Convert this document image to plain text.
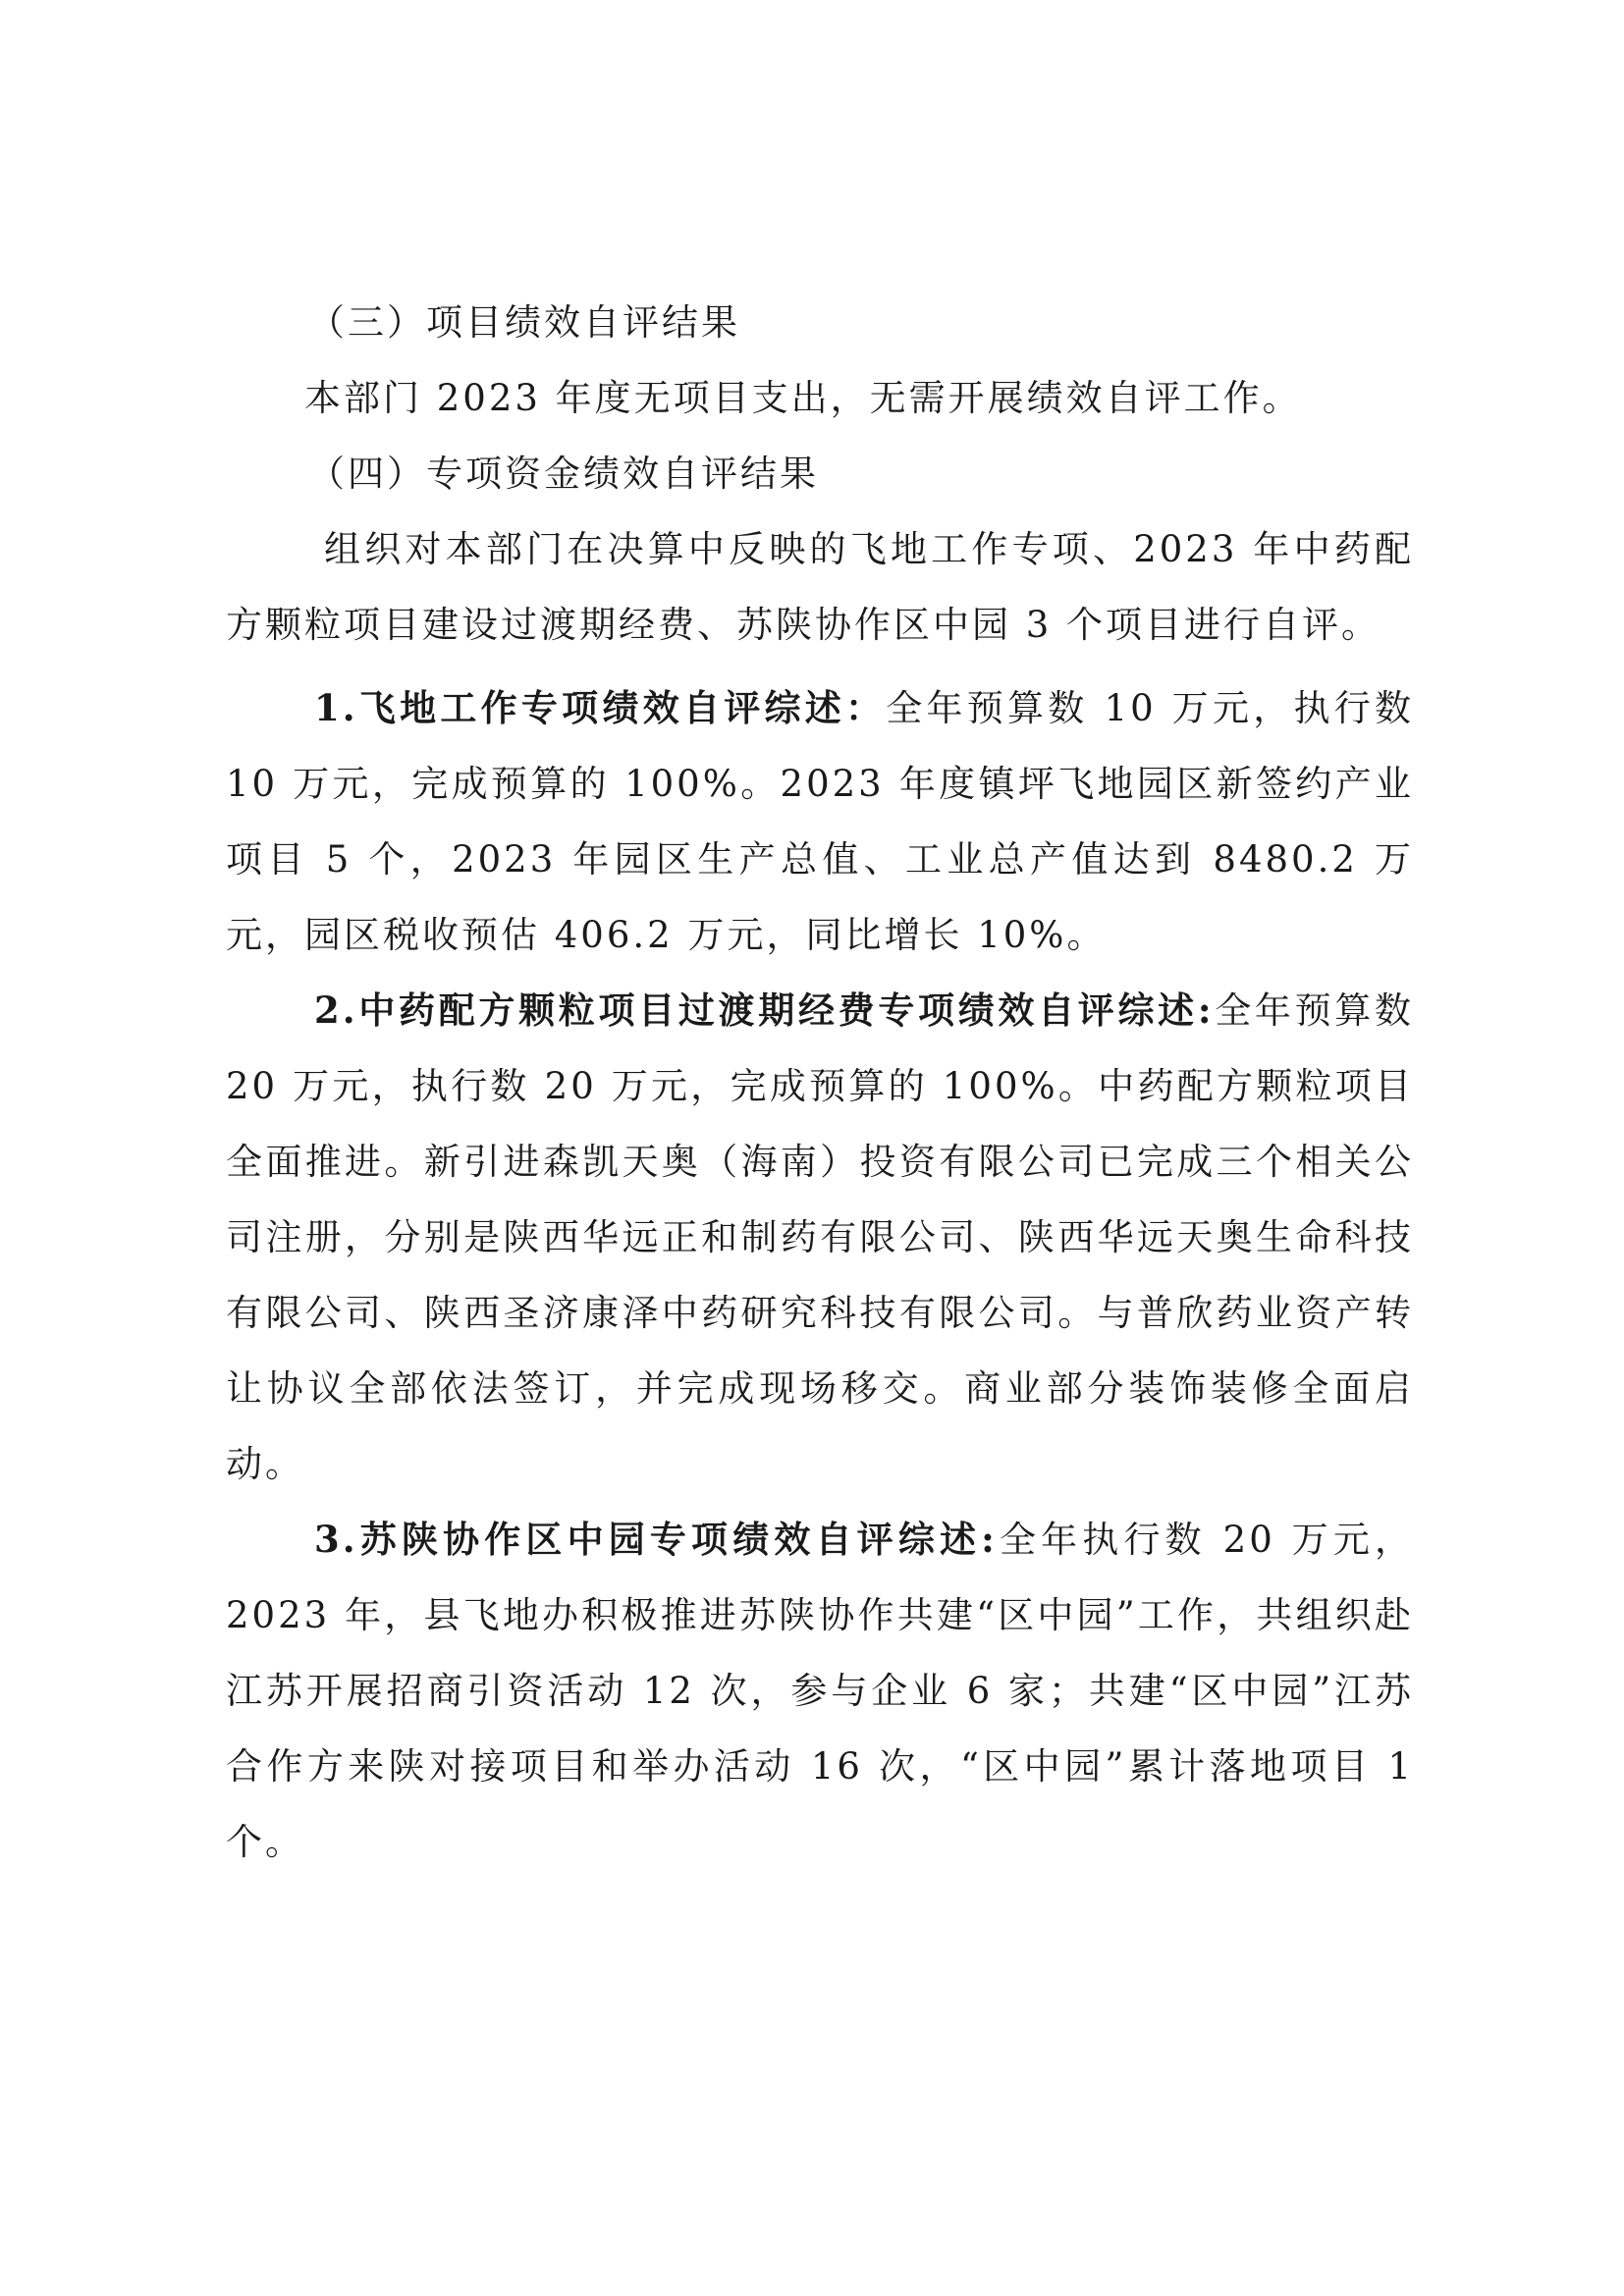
（三）项目绩效自评结果

本部门 2023 年度无项目支出，无需开展绩效自评工作。

（四）专项资金绩效自评结果

组织对本部门在决算中反映的飞地工作专项、2023 年中药配方颗粒项目建设过渡期经费、苏陕协作区中园 3 个项目进行自评。

1.飞地工作专项绩效自评综述：全年预算数 10 万元，执行数 10 万元，完成预算的 100%。2023 年度镇坪飞地园区新签约产业项目 5 个，2023 年园区生产总值、工业总产值达到 8480.2 万元，园区税收预估 406.2 万元，同比增长 10%。

2.中药配方颗粒项目过渡期经费专项绩效自评综述:全年预算数 20 万元，执行数 20 万元，完成预算的 100%。中药配方颗粒项目全面推进。新引进森凯天奥（海南）投资有限公司已完成三个相关公司注册，分别是陕西华远正和制药有限公司、陕西华远天奥生命科技有限公司、陕西圣济康泽中药研究科技有限公司。与普欣药业资产转让协议全部依法签订，并完成现场移交。商业部分装饰装修全面启动。

3.苏陕协作区中园专项绩效自评综述:全年执行数 20 万元，2023 年，县飞地办积极推进苏陕协作共建“区中园”工作，共组织赴江苏开展招商引资活动 12 次，参与企业 6 家；共建“区中园”江苏合作方来陕对接项目和举办活动 16 次，“区中园”累计落地项目 1 个。
